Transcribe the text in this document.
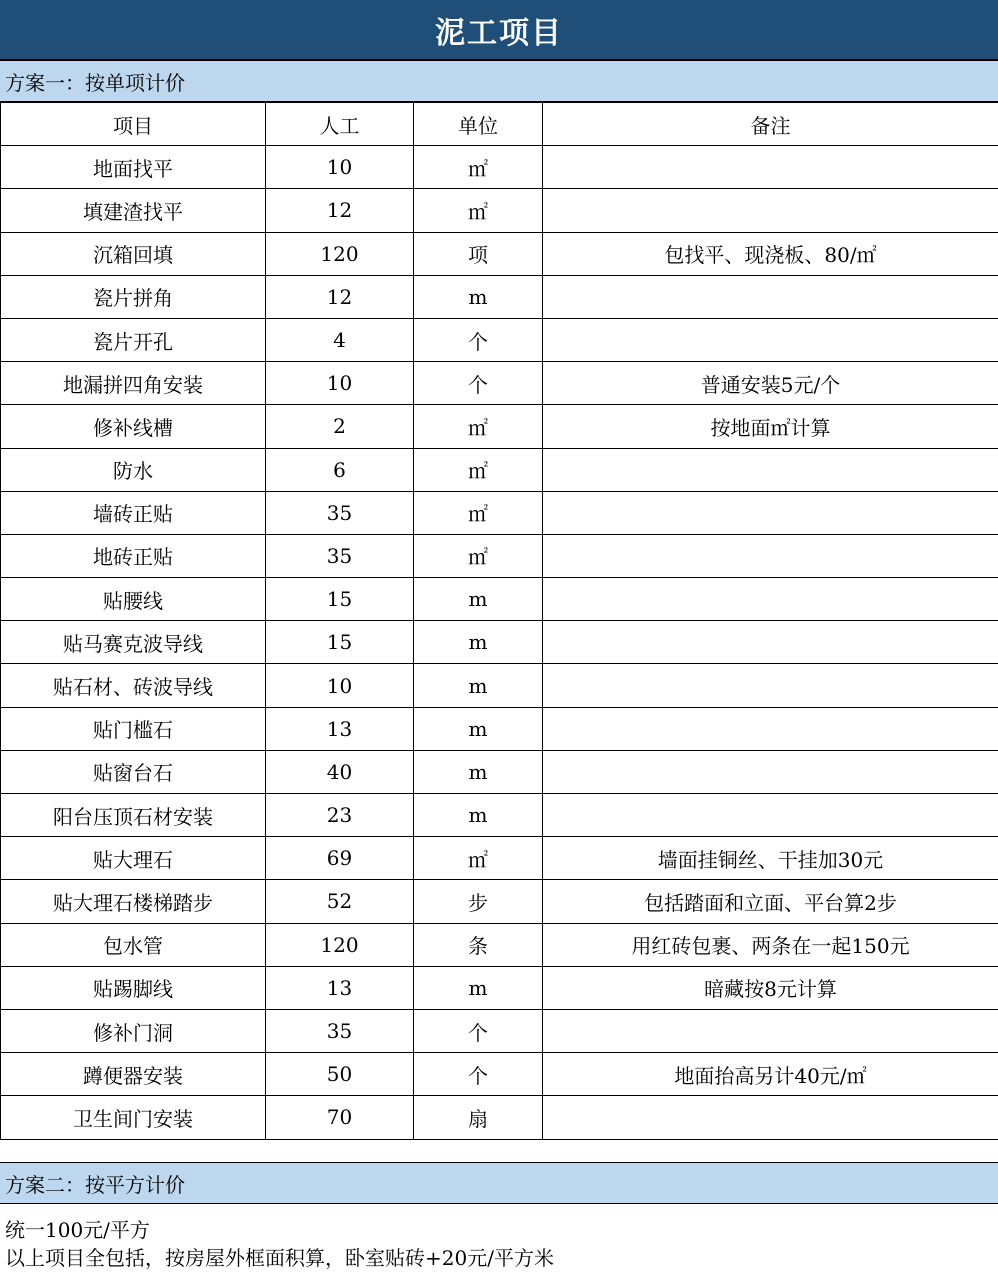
泥工项目
方案一：按单项计价
项目	人工	单位	备注
地面找平	10	㎡	
填建渣找平	12	㎡	
沉箱回填	120	项	包找平、现浇板、80/㎡
瓷片拼角	12	m	
瓷片开孔	4	个	
地漏拼四角安装	10	个	普通安装5元/个
修补线槽	2	㎡	按地面㎡计算
防水	6	㎡	
墙砖正贴	35	㎡	
地砖正贴	35	㎡	
贴腰线	15	m	
贴马赛克波导线	15	m	
贴石材、砖波导线	10	m	
贴门槛石	13	m	
贴窗台石	40	m	
阳台压顶石材安装	23	m	
贴大理石	69	㎡	墙面挂铜丝、干挂加30元
贴大理石楼梯踏步	52	步	包括踏面和立面、平台算2步
包水管	120	条	用红砖包裹、两条在一起150元
贴踢脚线	13	m	暗藏按8元计算
修补门洞	35	个	
蹲便器安装	50	个	地面抬高另计40元/㎡
卫生间门安装	70	扇	
方案二：按平方计价
统一100元/平方
以上项目全包括，按房屋外框面积算，卧室贴砖+20元/平方米
